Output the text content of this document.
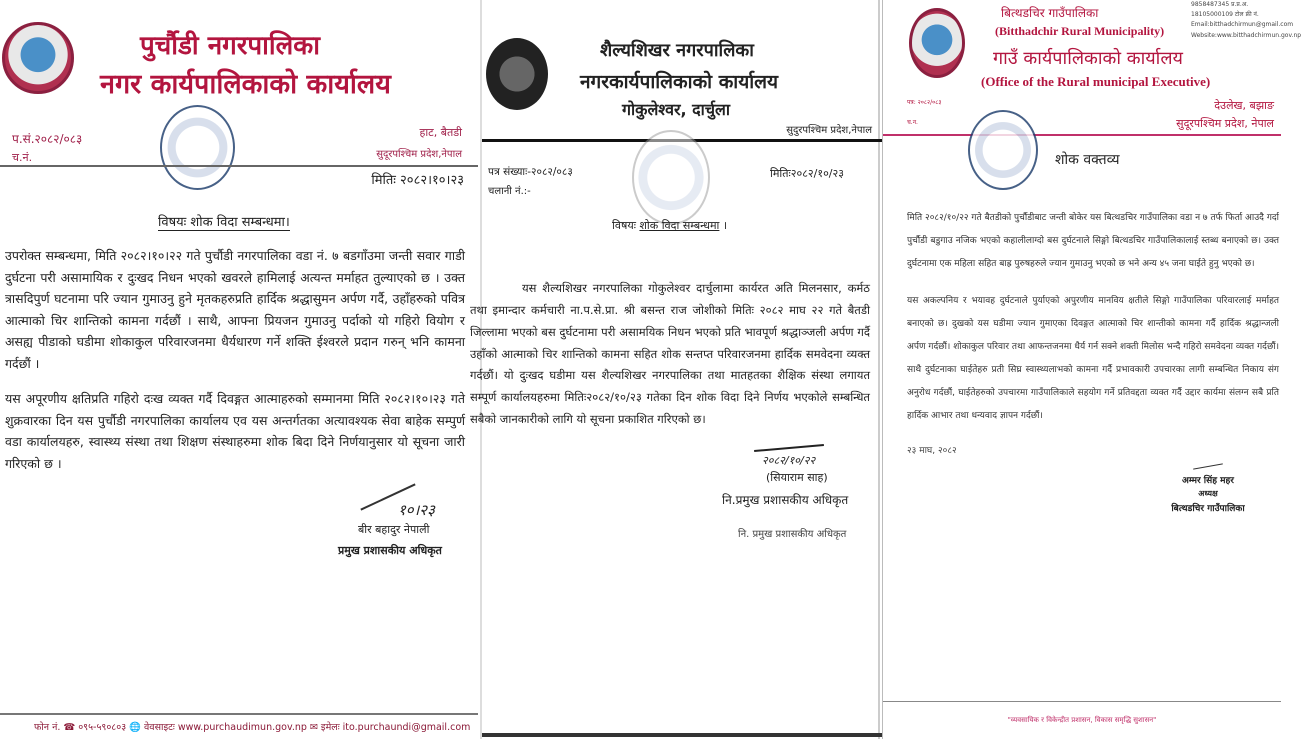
पुर्चौडी नगरपालिका
नगर कार्यपालिकाको कार्यालय
प.सं.२०८२/०८३
च.नं.
हाट, बैतडी
सुदूरपश्चिम प्रदेश,नेपाल
मितिः २०८२।१०।२३
विषयः शोक विदा सम्बन्धमा।
उपरोक्त सम्बन्धमा, मिति २०८२।१०।२२ गते पुर्चौडी नगरपालिका वडा नं. ७ बडगाँउमा जन्ती सवार गाडी दुर्घटना परी असामायिक र दुःखद निधन भएको खवरले हामिलाई अत्यन्त मर्माहत तुल्याएको छ । उक्त त्रासदिपुर्ण घटनामा परि ज्यान गुमाउनु हुने मृतकहरुप्रति हार्दिक श्रद्धासुमन अर्पण गर्दै, उहाँहरुको पवित्र आत्माको चिर शान्तिको कामना गर्दछौं । साथै, आफ्ना प्रियजन गुमाउनु पर्दाको यो गहिरो वियोग र असह्य पीडाको घडीमा शोकाकुल परिवारजनमा धैर्यधारण गर्ने शक्ति ईश्वरले प्रदान गरुन् भनि कामना गर्दछौं ।
यस अपूरणीय क्षतिप्रति गहिरो दःख व्यक्त गर्दै दिवङ्गत आत्माहरुको सम्मानमा मिति २०८२।१०।२३ गते शुक्रवारका दिन यस पुर्चौडी नगरपालिका कार्यालय एव यस अन्तर्गतका अत्यावश्यक सेवा बाहेक सम्पुर्ण वडा कार्यालयहरु, स्वास्थ्य संस्था तथा शिक्षण संस्थाहरुमा शोक बिदा दिने निर्णयानुसार यो सूचना जारी गरिएको छ ।
१०।२३
बीर बहादुर नेपाली
प्रमुख प्रशासकीय अधिकृत
फोन नं. ☎ ०९५-५९०८०३ 🌐 वेवसाइटः www.purchaudimun.gov.np ✉ इमेलः ito.purchaundi@gmail.com
शैल्यशिखर नगरपालिका
नगरकार्यपालिकाको कार्यालय
गोकुलेश्वर, दार्चुला
सुदुरपश्चिम प्रदेश,नेपाल
पत्र संख्याः-२०८२/०८३
चलानी नं.:-
मितिः२०८२/१०/२३
विषयः शोक विदा सम्बन्धमा ।
यस शैल्यशिखर नगरपालिका गोकुलेश्वर दार्चुलामा कार्यरत अति मिलनसार, कर्मठ तथा इमान्दार कर्मचारी ना.प.से.प्रा. श्री बसन्त राज जोशीको मितिः २०८२ माघ २२ गते बैतडी जिल्लामा भएको बस दुर्घटनामा परी असामयिक निधन भएको प्रति भावपूर्ण श्रद्धाञ्जली अर्पण गर्दै उहाँको आत्माको चिर शान्तिको कामना सहित शोक सन्तप्त परिवारजनमा हार्दिक समवेदना व्यक्त गर्दछौं। यो दुःखद घडीमा यस शैल्यशिखर नगरपालिका तथा मातहतका शैक्षिक संस्था लगायत सम्पूर्ण कार्यालयहरुमा मितिः२०८२/१०/२३ गतेका दिन शोक विदा दिने निर्णय भएकोले सम्बन्धित सबैको जानकारीको लागि यो सूचना प्रकाशित गरिएको छ।
२०८२/१०/२२
(सियाराम साह)
नि.प्रमुख प्रशासकीय अधिकृत
नि. प्रमुख प्रशासकीय अधिकृत
बित्थडचिर गाउँपालिका
(Bitthadchir Rural Municipality)
गाउँ कार्यपालिकाको कार्यालय
(Office of the Rural municipal Executive)
9858487345 प्र.प्र.अ.
18105000109 टोल फ्री नं.
Email:bitthadchirmun@gmail.com
Website:www.bitthadchirmun.gov.np
पत्र: २०८२/०८३
च.न.
देउलेख, बझाङ
सुदूरपश्चिम प्रदेश, नेपाल
शोक वक्तव्य
मिति २०८२/१०/२२ गते बैतडीको पुर्चौडीबाट जन्ती बोकेर यस बित्थडचिर गाउँपालिका वडा न ७ तर्फ फिर्ता आउदै गर्दा पुर्चौडी बडुगाउ नजिक भएको कहालीलाग्दो बस दुर्घटनाले सिङ्गो बित्थडचिर गाउँपालिकालाई स्तब्ध बनाएको छ। उक्त दुर्घटनामा एक महिला सहित बाह्र पुरुषहरुले ज्यान गुमाउनु भएको छ भने अन्य ४५ जना घाईते हुनु भएको छ।
यस अकल्पनिय र भयावह दुर्घटनाले पुर्याएको अपुरणीय मानविय क्षतीले सिङ्गो गाउँपालिका परिवारलाई मर्माहत बनाएको छ। दुखको यस घडीमा ज्यान गुमाएका दिवङ्गत आत्माको चिर शान्तीको कामना गर्दै हार्दिक श्रद्धान्जली अर्पण गर्दछौं। शोकाकुल परिवार तथा आफन्तजनमा धैर्य गर्न सक्ने शक्ती मिलोस भन्दै गहिरो समवेदना व्यक्त गर्दछौं। साथै दुर्घटनाका घाईतेहरु प्रती सिघ्र स्वास्थ्यलाभको कामना गर्दै प्रभावकारी उपचारका लागी सम्बन्धित निकाय संग अनुरोध गर्दछौं, घाईतेहरुको उपचारमा गाउँपालिकाले सहयोग गर्ने प्रतिवद्दता व्यक्त गर्दै उद्दार कार्यमा संलग्न सबै प्रति हार्दिक आभार तथा धन्यवाद ज्ञापन गर्दछौं।
२३ माघ, २०८२
अम्मर सिंह महर
अध्यक्ष
बित्थडचिर गाउँपालिका
"व्यवसायिक र विकेन्द्रीत प्रशासन, विकास समृद्धि सुशासन"
